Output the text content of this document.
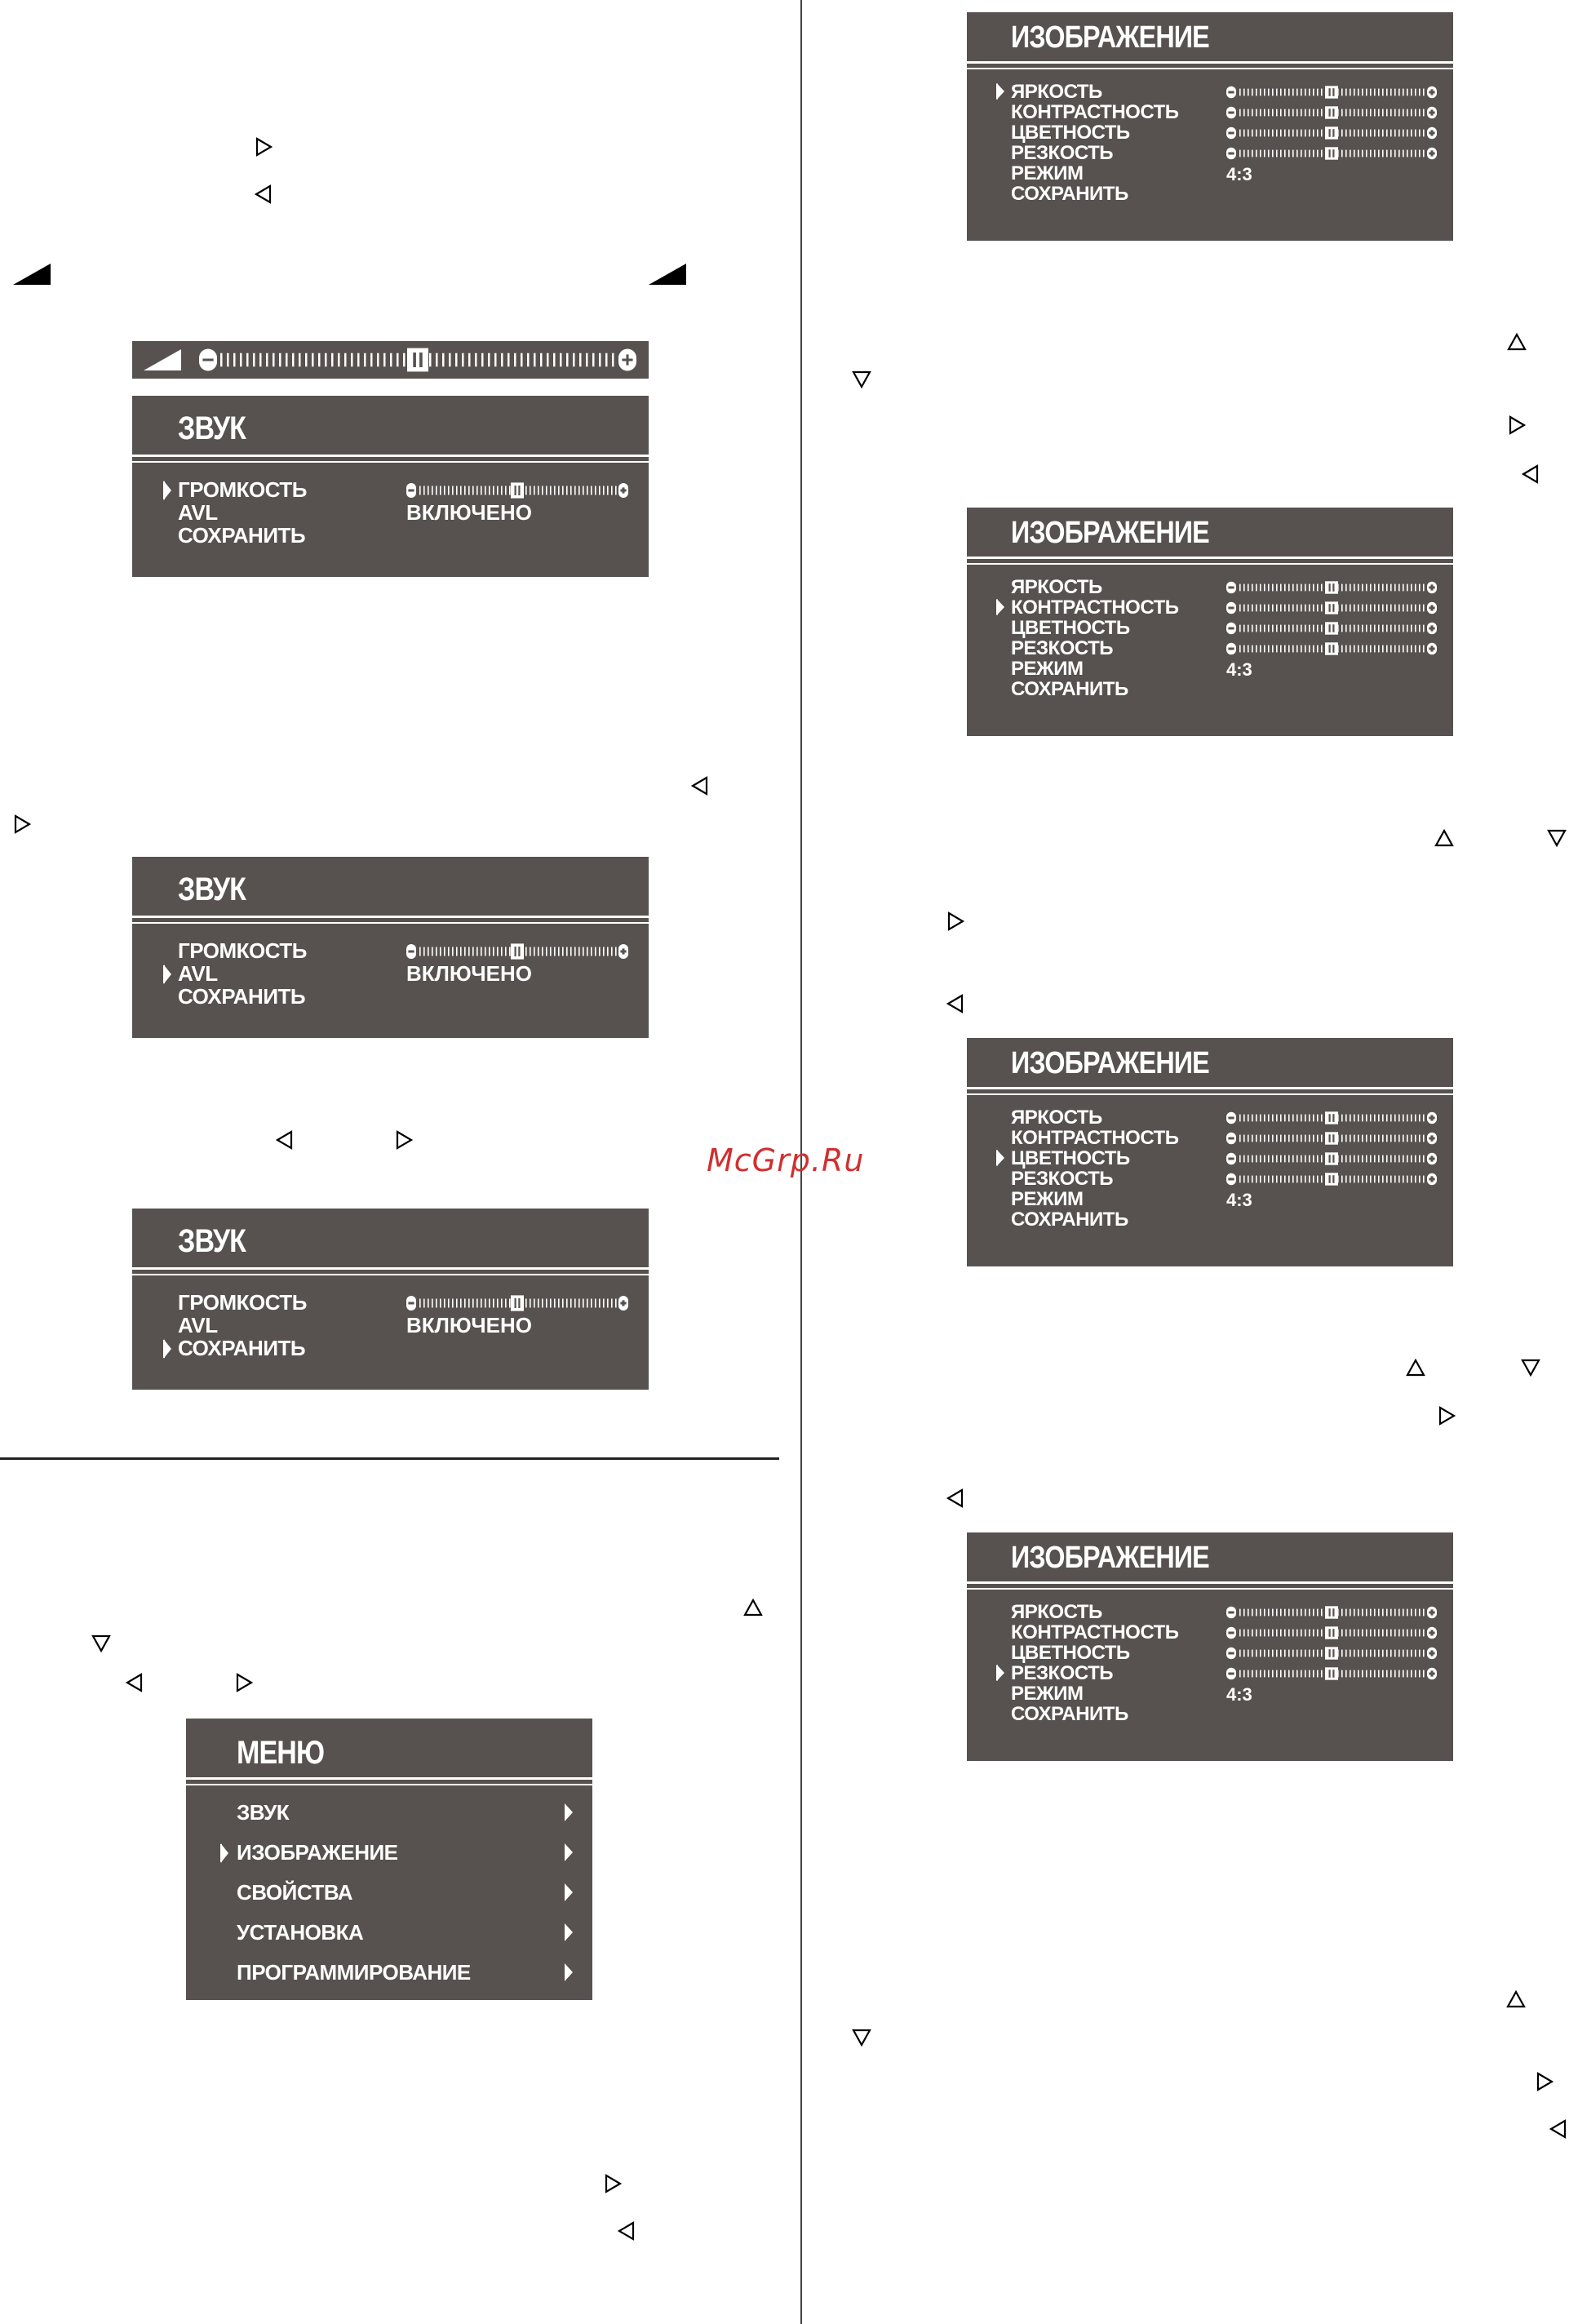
ЗВУК
ГРОМКОСТЬ
AVL
СОХРАНИТЬ
ВКЛЮЧЕНО
ЗВУК
ГРОМКОСТЬ
AVL
СОХРАНИТЬ
ВКЛЮЧЕНО
ЗВУК
ГРОМКОСТЬ
AVL
СОХРАНИТЬ
ВКЛЮЧЕНО
МЕНЮ
ЗВУК
ИЗОБРАЖЕНИЕ
СВОЙСТВА
УСТАНОВКА
ПРОГРАММИРОВАНИЕ
ИЗОБРАЖЕНИЕ
ЯРКОСТЬ
КОНТРАСТНОСТЬ
ЦВЕТНОСТЬ
РЕЗКОСТЬ
РЕЖИМ
СОХРАНИТЬ
4:3
ИЗОБРАЖЕНИЕ
ЯРКОСТЬ
КОНТРАСТНОСТЬ
ЦВЕТНОСТЬ
РЕЗКОСТЬ
РЕЖИМ
СОХРАНИТЬ
4:3
ИЗОБРАЖЕНИЕ
ЯРКОСТЬ
КОНТРАСТНОСТЬ
ЦВЕТНОСТЬ
РЕЗКОСТЬ
РЕЖИМ
СОХРАНИТЬ
4:3
ИЗОБРАЖЕНИЕ
ЯРКОСТЬ
КОНТРАСТНОСТЬ
ЦВЕТНОСТЬ
РЕЗКОСТЬ
РЕЖИМ
СОХРАНИТЬ
4:3
McGrp.Ru
